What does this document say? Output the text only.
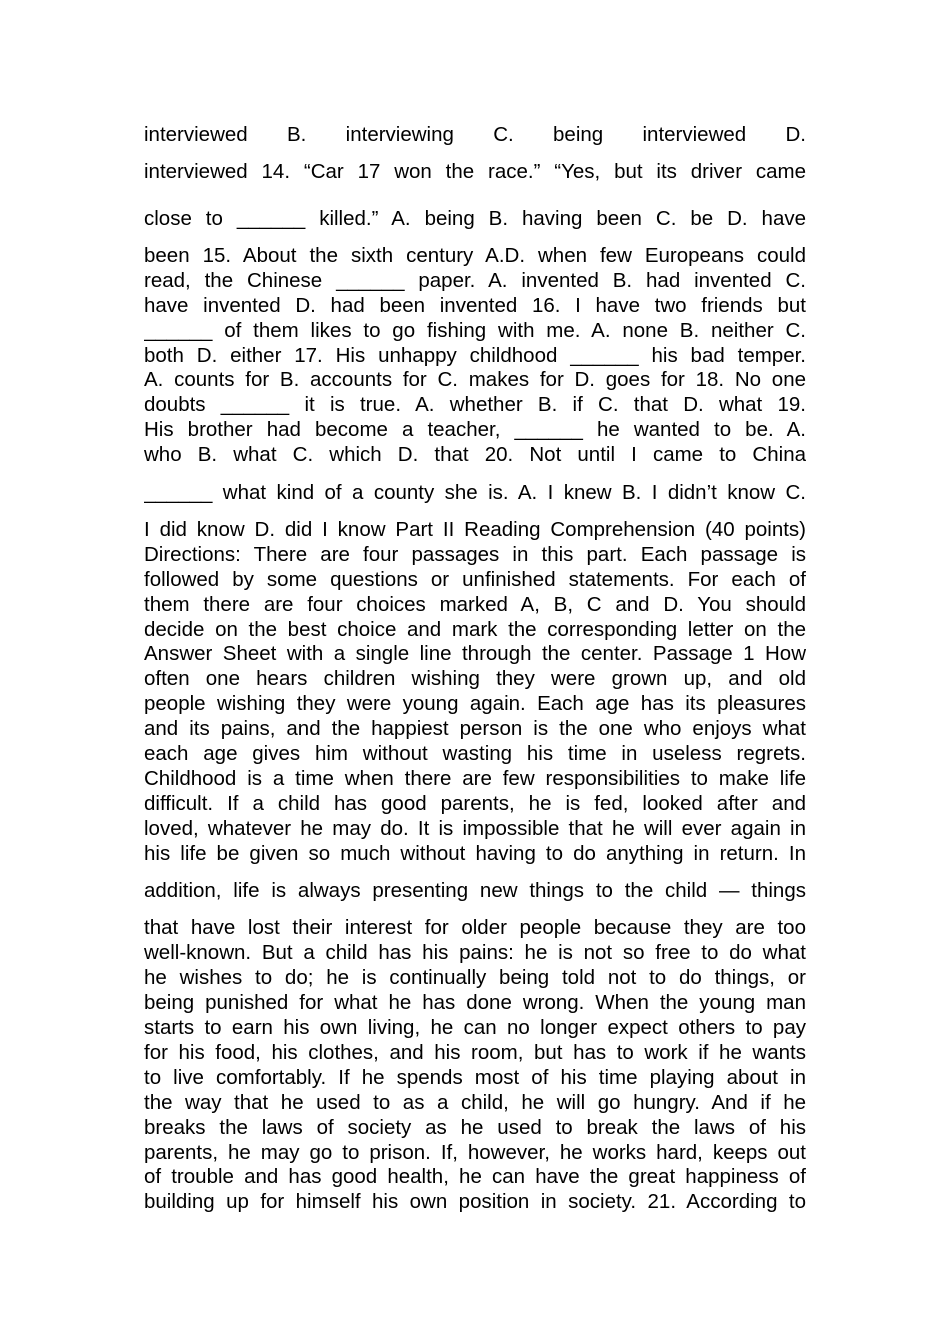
interviewed B. interviewing C. being interviewed D.
interviewed 14. “Car 17 won the race.” “Yes, but its driver came
close to ______ killed.” A. being B. having been C. be D. have
been 15. About the sixth century A.D. when few Europeans could
read, the Chinese ______ paper. A. invented B. had invented C.
have invented D. had been invented 16. I have two friends but
______ of them likes to go fishing with me. A. none B. neither C.
both D. either 17. His unhappy childhood ______ his bad temper.
A. counts for B. accounts for C. makes for D. goes for 18. No one
doubts ______ it is true. A. whether B. if C. that D. what 19.
His brother had become a teacher, ______ he wanted to be. A.
who B. what C. which D. that 20. Not until I came to China
______ what kind of a county she is. A. I knew B. I didn’t know C.
I did know D. did I know Part II Reading Comprehension (40 points)
Directions: There are four passages in this part. Each passage is
followed by some questions or unfinished statements. For each of
them there are four choices marked A, B, C and D. You should
decide on the best choice and mark the corresponding letter on the
Answer Sheet with a single line through the center. Passage 1 How
often one hears children wishing they were grown up, and old
people wishing they were young again. Each age has its pleasures
and its pains, and the happiest person is the one who enjoys what
each age gives him without wasting his time in useless regrets.
Childhood is a time when there are few responsibilities to make life
difficult. If a child has good parents, he is fed, looked after and
loved, whatever he may do. It is impossible that he will ever again in
his life be given so much without having to do anything in return. In
addition, life is always presenting new things to the child — things
that have lost their interest for older people because they are too
well-known. But a child has his pains: he is not so free to do what
he wishes to do; he is continually being told not to do things, or
being punished for what he has done wrong. When the young man
starts to earn his own living, he can no longer expect others to pay
for his food, his clothes, and his room, but has to work if he wants
to live comfortably. If he spends most of his time playing about in
the way that he used to as a child, he will go hungry. And if he
breaks the laws of society as he used to break the laws of his
parents, he may go to prison. If, however, he works hard, keeps out
of trouble and has good health, he can have the great happiness of
building up for himself his own position in society. 21. According to
